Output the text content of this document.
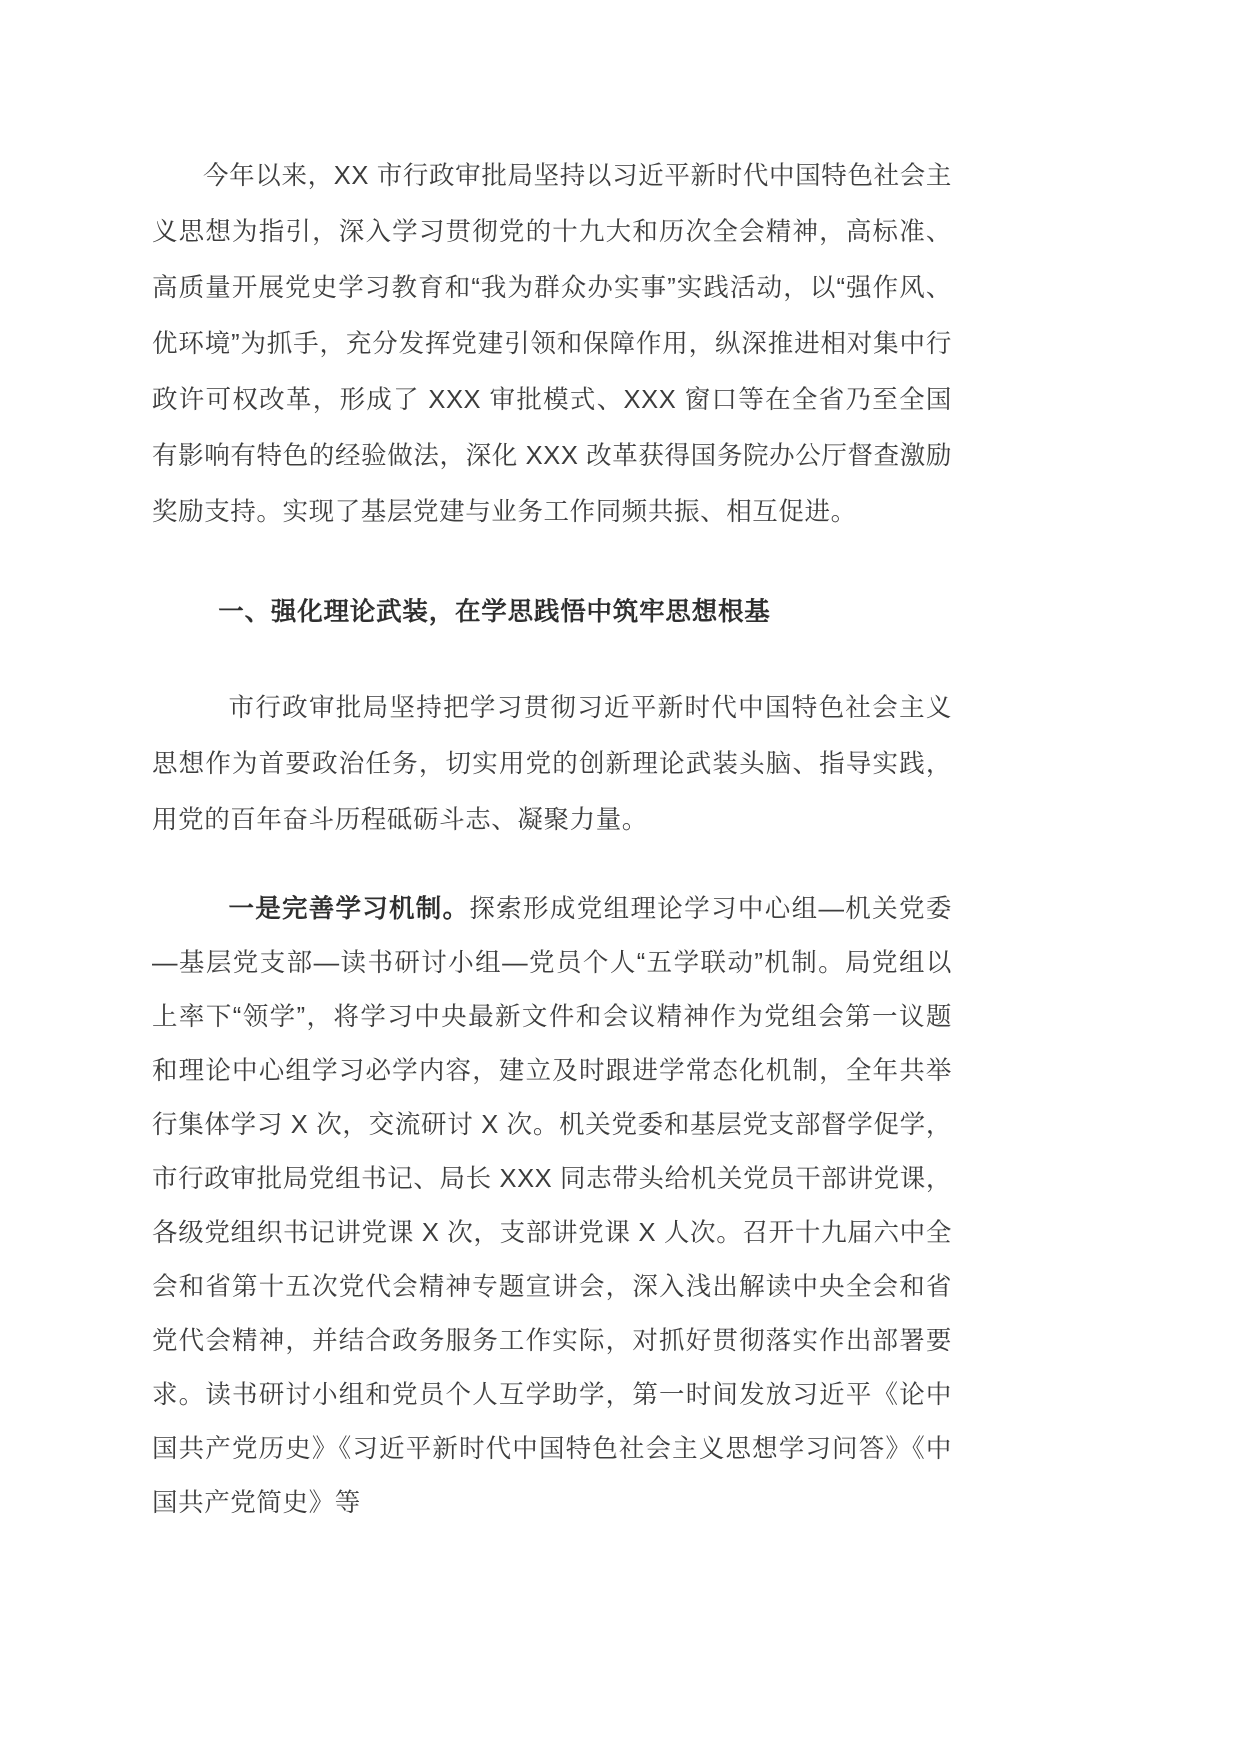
今年以来，XX 市行政审批局坚持以习近平新时代中国特色社会主义思想为指引，深入学习贯彻党的十九大和历次全会精神，高标准、高质量开展党史学习教育和“我为群众办实事”实践活动，以“强作风、优环境”为抓手，充分发挥党建引领和保障作用，纵深推进相对集中行政许可权改革，形成了 XXX 审批模式、XXX 窗口等在全省乃至全国有影响有特色的经验做法，深化 XXX 改革获得国务院办公厅督查激励奖励支持。实现了基层党建与业务工作同频共振、相互促进。

一、强化理论武装，在学思践悟中筑牢思想根基

市行政审批局坚持把学习贯彻习近平新时代中国特色社会主义思想作为首要政治任务，切实用党的创新理论武装头脑、指导实践，用党的百年奋斗历程砥砺斗志、凝聚力量。

一是完善学习机制。探索形成党组理论学习中心组—机关党委—基层党支部—读书研讨小组—党员个人“五学联动”机制。局党组以上率下“领学”，将学习中央最新文件和会议精神作为党组会第一议题和理论中心组学习必学内容，建立及时跟进学常态化机制，全年共举行集体学习 X 次，交流研讨 X 次。机关党委和基层党支部督学促学，市行政审批局党组书记、局长 XXX 同志带头给机关党员干部讲党课，各级党组织书记讲党课 X 次，支部讲党课 X 人次。召开十九届六中全会和省第十五次党代会精神专题宣讲会，深入浅出解读中央全会和省党代会精神，并结合政务服务工作实际，对抓好贯彻落实作出部署要求。读书研讨小组和党员个人互学助学，第一时间发放习近平《论中国共产党历史》《习近平新时代中国特色社会主义思想学习问答》《中国共产党简史》等
